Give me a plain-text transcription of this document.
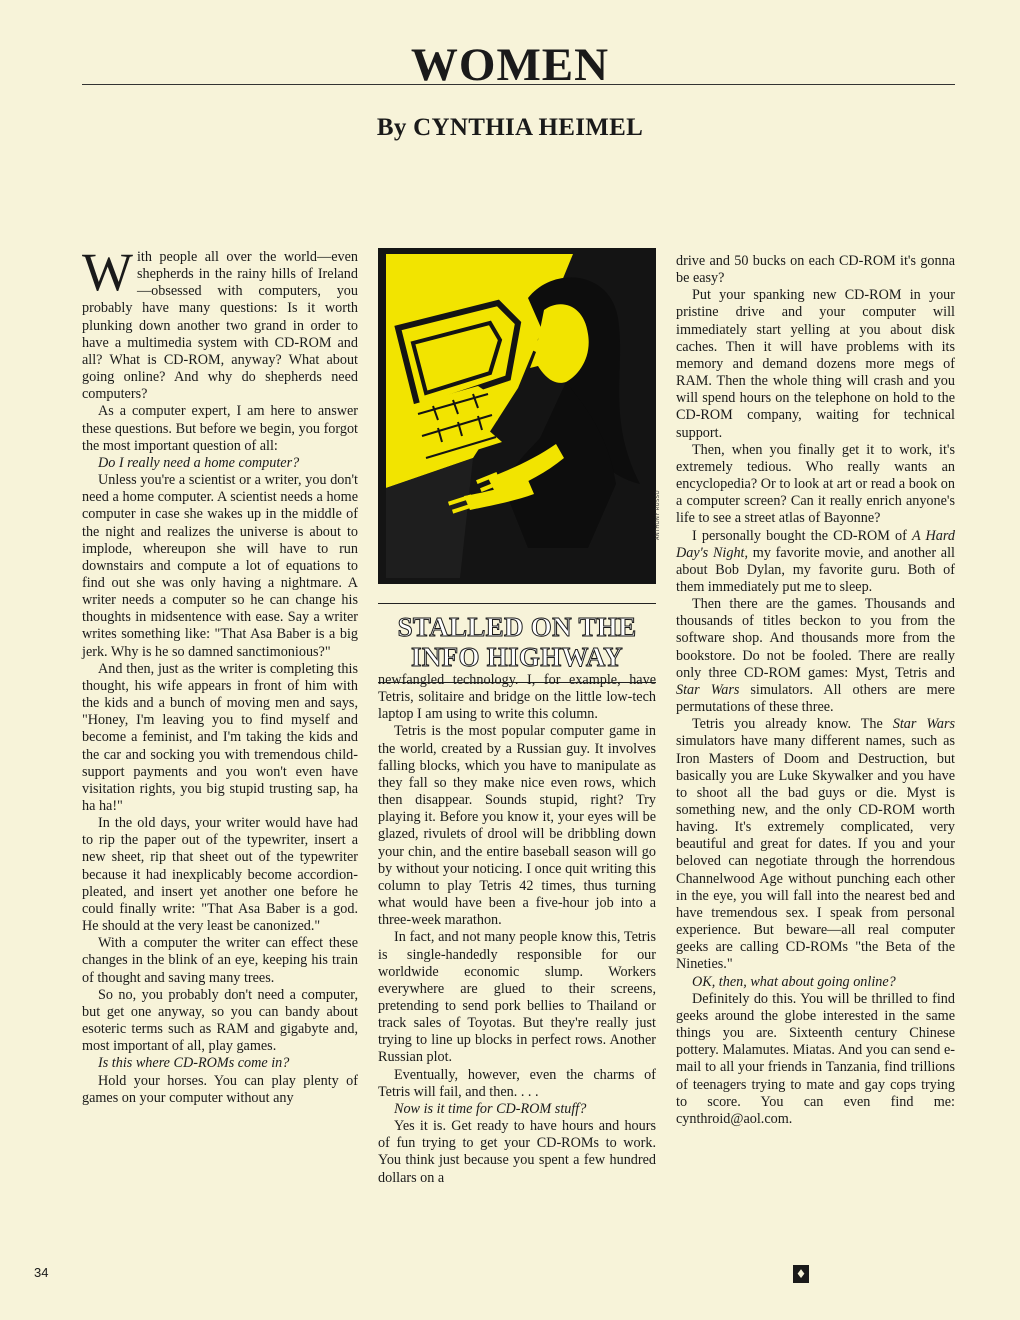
WOMEN
By CYNTHIA HEIMEL

With people all over the world—even shepherds in the rainy hills of Ireland—obsessed with computers, you probably have many questions: Is it worth plunking down another two grand in order to have a multimedia system with CD-ROM and all? What is CD-ROM, anyway? What about going online? And why do shepherds need computers?

As a computer expert, I am here to answer these questions. But before we begin, you forgot the most important question of all:

Do I really need a home computer?

Unless you're a scientist or a writer, you don't need a home computer. A scientist needs a home computer in case she wakes up in the middle of the night and realizes the universe is about to implode, whereupon she will have to run downstairs and compute a lot of equations to find out she was only having a nightmare. A writer needs a computer so he can change his thoughts in midsentence with ease. Say a writer writes something like: "That Asa Baber is a big jerk. Why is he so damned sanctimonious?"

And then, just as the writer is completing this thought, his wife appears in front of him with the kids and a bunch of moving men and says, "Honey, I'm leaving you to find myself and become a feminist, and I'm taking the kids and the car and socking you with tremendous child-support payments and you won't even have visitation rights, you big stupid trusting sap, ha ha ha!"

In the old days, your writer would have had to rip the paper out of the typewriter, insert a new sheet, rip that sheet out of the typewriter because it had inexplicably become accordion-pleated, and insert yet another one before he could finally write: "That Asa Baber is a god. He should at the very least be canonized."

With a computer the writer can effect these changes in the blink of an eye, keeping his train of thought and saving many trees.

So no, you probably don't need a computer, but get one anyway, so you can bandy about esoteric terms such as RAM and gigabyte and, most important of all, play games.

Is this where CD-ROMs come in?

Hold your horses. You can play plenty of games on your computer without any

ANTHONY RUSSO
STALLED ON THE
INFO HIGHWAY

newfangled technology. I, for example, have Tetris, solitaire and bridge on the little low-tech laptop I am using to write this column.

Tetris is the most popular computer game in the world, created by a Russian guy. It involves falling blocks, which you have to manipulate as they fall so they make nice even rows, which then disappear. Sounds stupid, right? Try playing it. Before you know it, your eyes will be glazed, rivulets of drool will be dribbling down your chin, and the entire baseball season will go by without your noticing. I once quit writing this column to play Tetris 42 times, thus turning what would have been a five-hour job into a three-week marathon.

In fact, and not many people know this, Tetris is single-handedly responsible for our worldwide economic slump. Workers everywhere are glued to their screens, pretending to send pork bellies to Thailand or track sales of Toyotas. But they're really just trying to line up blocks in perfect rows. Another Russian plot.

Eventually, however, even the charms of Tetris will fail, and then. . . .

Now is it time for CD-ROM stuff?

Yes it is. Get ready to have hours and hours of fun trying to get your CD-ROMs to work. You think just because you spent a few hundred dollars on a

drive and 50 bucks on each CD-ROM it's gonna be easy?

Put your spanking new CD-ROM in your pristine drive and your computer will immediately start yelling at you about disk caches. Then it will have problems with its memory and demand dozens more megs of RAM. Then the whole thing will crash and you will spend hours on the telephone on hold to the CD-ROM company, waiting for technical support.

Then, when you finally get it to work, it's extremely tedious. Who really wants an encyclopedia? Or to look at art or read a book on a computer screen? Can it really enrich anyone's life to see a street atlas of Bayonne?

I personally bought the CD-ROM of A Hard Day's Night, my favorite movie, and another all about Bob Dylan, my favorite guru. Both of them immediately put me to sleep.

Then there are the games. Thousands and thousands of titles beckon to you from the software shop. And thousands more from the bookstore. Do not be fooled. There are really only three CD-ROM games: Myst, Tetris and Star Wars simulators. All others are mere permutations of these three.

Tetris you already know. The Star Wars simulators have many different names, such as Iron Masters of Doom and Destruction, but basically you are Luke Skywalker and you have to shoot all the bad guys or die. Myst is something new, and the only CD-ROM worth having. It's extremely complicated, very beautiful and great for dates. If you and your beloved can negotiate through the horrendous Channelwood Age without punching each other in the eye, you will fall into the nearest bed and have tremendous sex. I speak from personal experience. But beware—all real computer geeks are calling CD-ROMs "the Beta of the Nineties."

OK, then, what about going online?

Definitely do this. You will be thrilled to find geeks around the globe interested in the same things you are. Sixteenth century Chinese pottery. Malamutes. Miatas. And you can send e-mail to all your friends in Tanzania, find trillions of teenagers trying to mate and gay cops trying to score. You can even find me: cynthroid@aol.com.

34	♦
